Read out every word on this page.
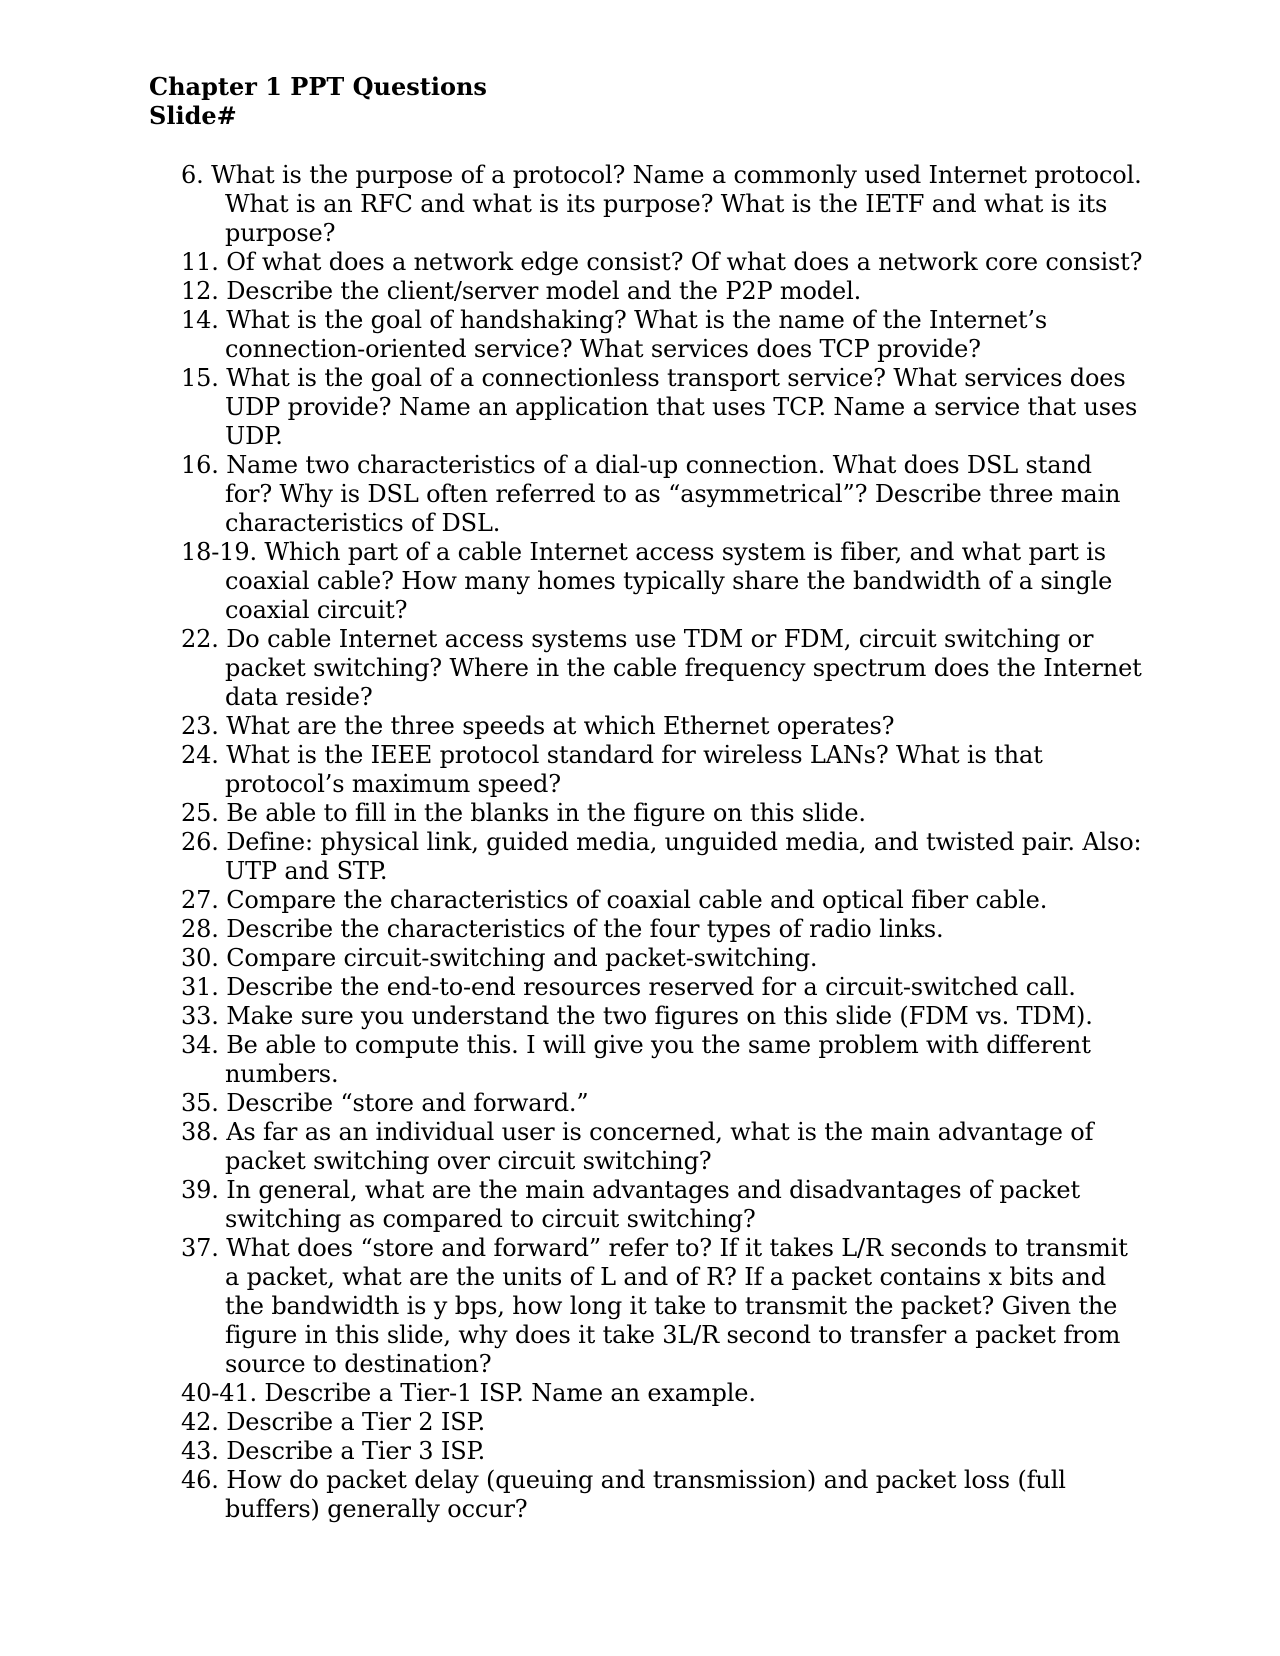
Chapter 1 PPT Questions
Slide#
6. What is the purpose of a protocol? Name a commonly used Internet protocol. What is an RFC and what is its purpose? What is the IETF and what is its purpose?
11. Of what does a network edge consist? Of what does a network core consist?
12. Describe the client/server model and the P2P model.
14. What is the goal of handshaking? What is the name of the Internet’s connection-oriented service? What services does TCP provide?
15. What is the goal of a connectionless transport service? What services does UDP provide? Name an application that uses TCP. Name a service that uses UDP.
16. Name two characteristics of a dial-up connection. What does DSL stand for? Why is DSL often referred to as “asymmetrical”? Describe three main characteristics of DSL.
18-19. Which part of a cable Internet access system is fiber, and what part is coaxial cable? How many homes typically share the bandwidth of a single coaxial circuit?
22. Do cable Internet access systems use TDM or FDM, circuit switching or packet switching? Where in the cable frequency spectrum does the Internet data reside?
23. What are the three speeds at which Ethernet operates?
24. What is the IEEE protocol standard for wireless LANs? What is that protocol’s maximum speed?
25. Be able to fill in the blanks in the figure on this slide.
26. Define: physical link, guided media, unguided media, and twisted pair. Also: UTP and STP.
27. Compare the characteristics of coaxial cable and optical fiber cable.
28. Describe the characteristics of the four types of radio links.
30. Compare circuit-switching and packet-switching.
31. Describe the end-to-end resources reserved for a circuit-switched call.
33. Make sure you understand the two figures on this slide (FDM vs. TDM).
34. Be able to compute this. I will give you the same problem with different numbers.
35. Describe “store and forward.”
38. As far as an individual user is concerned, what is the main advantage of packet switching over circuit switching?
39. In general, what are the main advantages and disadvantages of packet switching as compared to circuit switching?
37. What does “store and forward” refer to? If it takes L/R seconds to transmit a packet, what are the units of L and of R? If a packet contains x bits and the bandwidth is y bps, how long it take to transmit the packet? Given the figure in this slide, why does it take 3L/R second to transfer a packet from source to destination?
40-41. Describe a Tier-1 ISP. Name an example.
42. Describe a Tier 2 ISP.
43. Describe a Tier 3 ISP.
46. How do packet delay (queuing and transmission) and packet loss (full buffers) generally occur?
